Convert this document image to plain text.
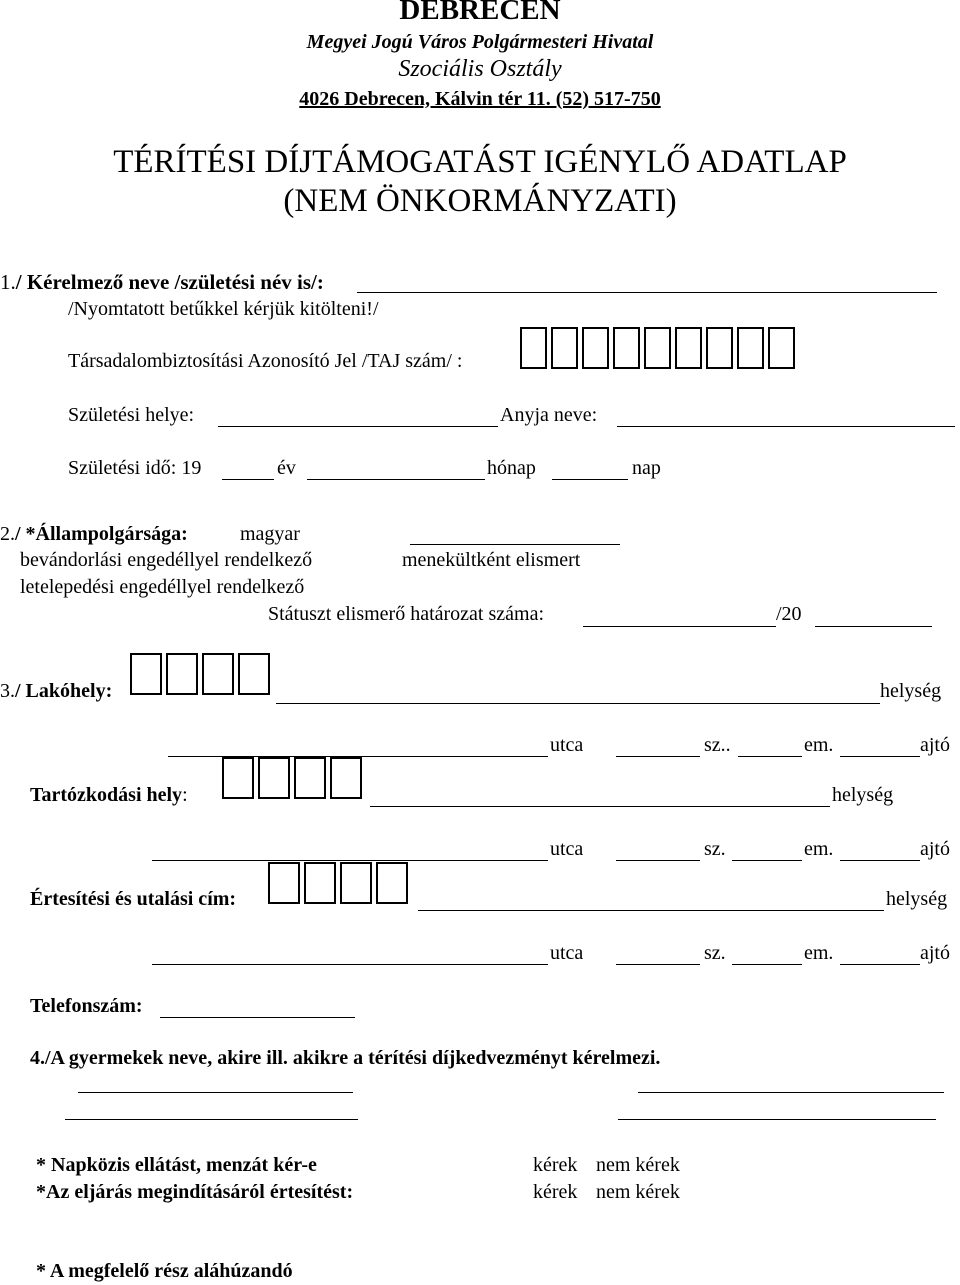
DEBRECEN
Megyei Jogú Város Polgármesteri Hivatal
Szociális Osztály
4026 Debrecen, Kálvin tér 11. (52) 517-750
TÉRÍTÉSI DÍJTÁMOGATÁST IGÉNYLŐ ADATLAP
(NEM ÖNKORMÁNYZATI)
1./ Kérelmező neve /születési név is/:
/Nyomtatott betűkkel kérjük kitölteni!/
Társadalombiztosítási Azonosító Jel /TAJ szám/ :
Születési helye:	Anyja neve:
Születési idő: 19	év	hónap	nap
2./ *Állampolgársága:	magyar
bevándorlási engedéllyel rendelkező	menekültként elismert
letelepedési engedéllyel rendelkező
Státuszt elismerő határozat száma:	/20
3./ Lakóhely:	helység
utca	sz..	em.	ajtó
Tartózkodási hely:	helység
utca	sz.	em.	ajtó
Értesítési és utalási cím:	helység
utca	sz.	em.	ajtó
Telefonszám:
4./A gyermekek neve, akire ill. akikre a térítési díjkedvezményt kérelmezi.
* Napközis ellátást, menzát kér-e	kérek nem kérek
*Az eljárás megindításáról értesítést:	kérek nem kérek
* A megfelelő rész aláhúzandó
